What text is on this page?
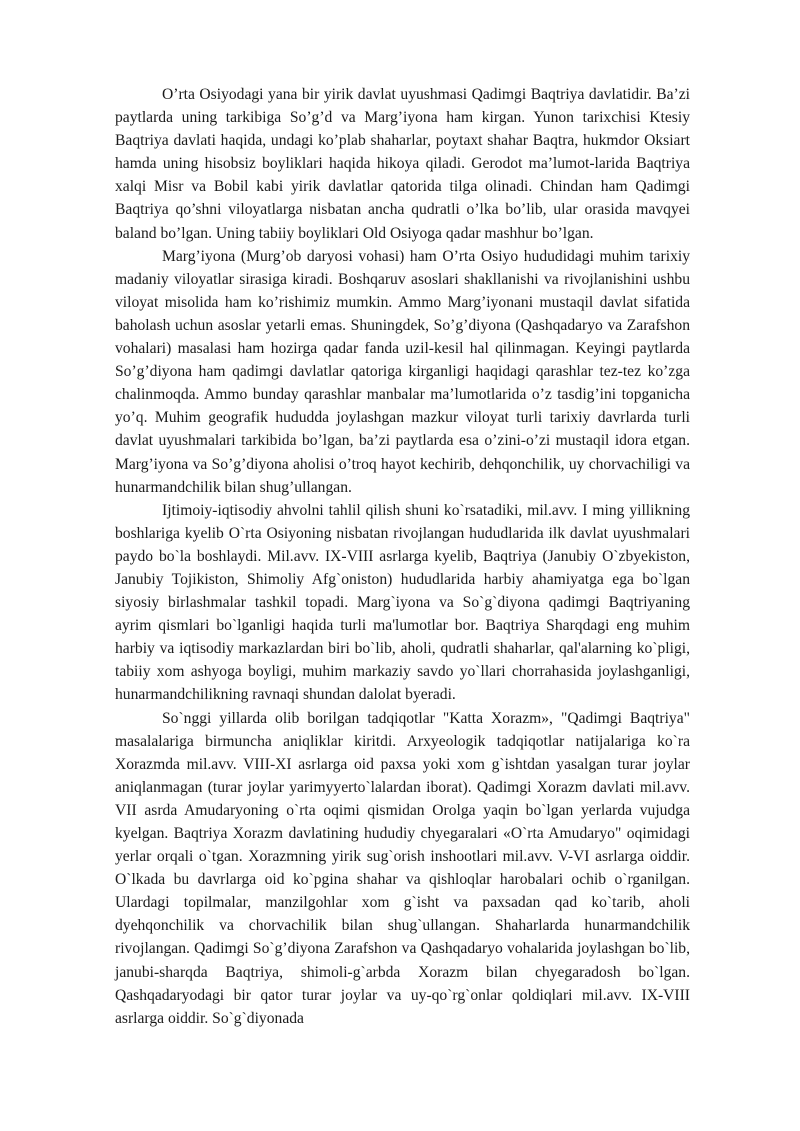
O’rta Osiyodagi yana bir yirik davlat uyushmasi Qadimgi Baqtriya davlatidir. Ba’zi paytlarda uning tarkibiga So’g’d va Marg’iyona ham kirgan. Yunon tarixchisi Ktesiy Baqtriya davlati haqida, undagi ko’plab shaharlar, poytaxt shahar Baqtra, hukmdor Oksiart hamda uning hisobsiz boyliklari haqida hikoya qiladi. Gerodot ma’lumot-larida Baqtriya xalqi Misr va Bobil kabi yirik davlatlar qatorida tilga olinadi. Chindan ham Qadimgi Baqtriya qo’shni viloyatlarga nisbatan ancha qudratli o’lka bo’lib, ular orasida mavqyei baland bo’lgan. Uning tabiiy boyliklari Old Osiyoga qadar mashhur bo’lgan.

Marg’iyona (Murg’ob daryosi vohasi) ham O’rta Osiyo hududidagi muhim tarixiy madaniy viloyatlar sirasiga kiradi. Boshqaruv asoslari shakllanishi va rivojlanishini ushbu viloyat misolida ham ko’rishimiz mumkin. Ammo Marg’iyonani mustaqil davlat sifatida baholash uchun asoslar yetarli emas. Shuningdek, So’g’diyona (Qashqadaryo va Zarafshon vohalari) masalasi ham hozirga qadar fanda uzil-kesil hal qilinmagan. Keyingi paytlarda So’g’diyona ham qadimgi davlatlar qatoriga kirganligi haqidagi qarashlar tez-tez ko’zga chalinmoqda. Ammo bunday qarashlar manbalar ma’lumotlarida o’z tasdig’ini topganicha yo’q. Muhim geografik hududda joylashgan mazkur viloyat turli tarixiy davrlarda turli davlat uyushmalari tarkibida bo’lgan, ba’zi paytlarda esa o’zini-o’zi mustaqil idora etgan. Marg’iyona va So’g’diyona aholisi o’troq hayot kechirib, dehqonchilik, uy chorvachiligi va hunarmandchilik bilan shug’ullangan.

Ijtimoiy-iqtisodiy ahvolni tahlil qilish shuni ko`rsatadiki, mil.avv. I ming yillikning boshlariga kyelib O`rta Osiyoning nisbatan rivojlangan hududlarida ilk davlat uyushmalari paydo bo`la boshlaydi. Mil.avv. IX-VIII asrlarga kyelib, Baqtriya (Janubiy O`zbyekiston, Janubiy Tojikiston, Shimoliy Afg`oniston) hududlarida harbiy ahamiyatga ega bo`lgan siyosiy birlashmalar tashkil topadi. Marg`iyona va So`g`diyona qadimgi Baqtriyaning ayrim qismlari bo`lganligi haqida turli ma'lumotlar bor. Baqtriya Sharqdagi eng muhim harbiy va iqtisodiy markazlardan biri bo`lib, aholi, qudratli shaharlar, qal'alarning ko`pligi, tabiiy xom ashyoga boyligi, muhim markaziy savdo yo`llari chorrahasida joylashganligi, hunarmandchilikning ravnaqi shundan dalolat byeradi.

So`nggi yillarda olib borilgan tadqiqotlar "Katta Xorazm», "Qadimgi Baqtriya" masalalariga birmuncha aniqliklar kiritdi. Arxyeologik tadqiqotlar natijalariga ko`ra Xorazmda mil.avv. VIII-XI asrlarga oid paxsa yoki xom g`ishtdan yasalgan turar joylar aniqlanmagan (turar joylar yarimyyerto`lalardan iborat). Qadimgi Xorazm davlati mil.avv. VII asrda Amudaryoning o`rta oqimi qismidan Orolga yaqin bo`lgan yerlarda vujudga kyelgan. Baqtriya Xorazm davlatining hududiy chyegaralari «O`rta Amudaryo" oqimidagi yerlar orqali o`tgan. Xorazmning yirik sug`orish inshootlari mil.avv. V-VI asrlarga oiddir. O`lkada bu davrlarga oid ko`pgina shahar va qishloqlar harobalari ochib o`rganilgan. Ulardagi topilmalar, manzilgohlar xom g`isht va paxsadan qad ko`tarib, aholi dyehqonchilik va chorvachilik bilan shug`ullangan. Shaharlarda hunarmandchilik rivojlangan. Qadimgi So`g’diyona Zarafshon va Qashqadaryo vohalarida joylashgan bo`lib, janubi-sharqda Baqtriya, shimoli-g`arbda Xorazm bilan chyegaradosh bo`lgan. Qashqadaryodagi bir qator turar joylar va uy-qo`rg`onlar qoldiqlari mil.avv. IX-VIII asrlarga oiddir. So`g`diyonada
